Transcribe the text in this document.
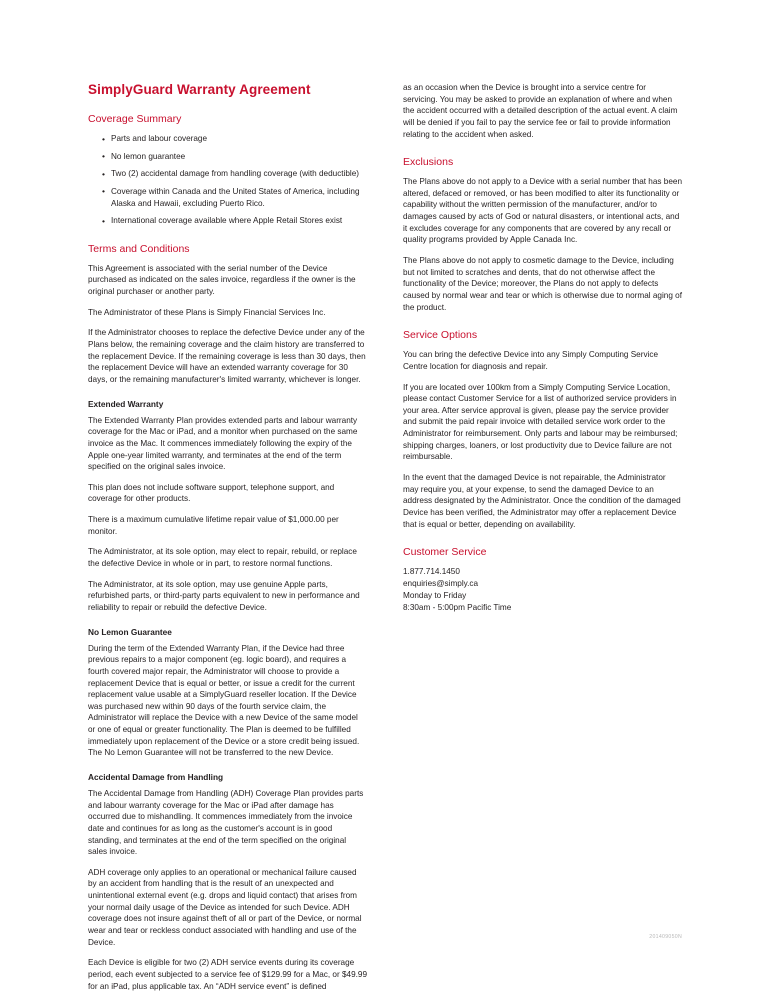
SimplyGuard Warranty Agreement
Coverage Summary
• Parts and labour coverage
• No lemon guarantee
• Two (2) accidental damage from handling coverage (with deductible)
• Coverage within Canada and the United States of America, including Alaska and Hawaii, excluding Puerto Rico.
• International coverage available where Apple Retail Stores exist
Terms and Conditions

This Agreement is associated with the serial number of the Device purchased as indicated on the sales invoice, regardless if the owner is the original purchaser or another party.

The Administrator of these Plans is Simply Financial Services Inc.

If the Administrator chooses to replace the defective Device under any of the Plans below, the remaining coverage and the claim history are transferred to the replacement Device. If the remaining coverage is less than 30 days, then the replacement Device will have an extended warranty coverage for 30 days, or the remaining manufacturer's limited warranty, whichever is longer.

Extended Warranty

The Extended Warranty Plan provides extended parts and labour warranty coverage for the Mac or iPad, and a monitor when purchased on the same invoice as the Mac. It commences immediately following the expiry of the Apple one-year limited warranty, and terminates at the end of the term specified on the original sales invoice.

This plan does not include software support, telephone support, and coverage for other products.

There is a maximum cumulative lifetime repair value of $1,000.00 per monitor.

The Administrator, at its sole option, may elect to repair, rebuild, or replace the defective Device in whole or in part, to restore normal functions.

The Administrator, at its sole option, may use genuine Apple parts, refurbished parts, or third-party parts equivalent to new in performance and reliability to repair or rebuild the defective Device.

No Lemon Guarantee

During the term of the Extended Warranty Plan, if the Device had three previous repairs to a major component (eg. logic board), and requires a fourth covered major repair, the Administrator will choose to provide a replacement Device that is equal or better, or issue a credit for the current replacement value usable at a SimplyGuard reseller location. If the Device was purchased new within 90 days of the fourth service claim, the Administrator will replace the Device with a new Device of the same model or one of equal or greater functionality. The Plan is deemed to be fulfilled immediately upon replacement of the Device or a store credit being issued. The No Lemon Guarantee will not be transferred to the new Device.

Accidental Damage from Handling

The Accidental Damage from Handling (ADH) Coverage Plan provides parts and labour warranty coverage for the Mac or iPad after damage has occurred due to mishandling. It commences immediately from the invoice date and continues for as long as the customer's account is in good standing, and terminates at the end of the term specified on the original sales invoice.

ADH coverage only applies to an operational or mechanical failure caused by an accident from handling that is the result of an unexpected and unintentional external event (e.g. drops and liquid contact) that arises from your normal daily usage of the Device as intended for such Device. ADH coverage does not insure against theft of all or part of the Device, or normal wear and tear or reckless conduct associated with handling and use of the Device.

Each Device is eligible for two (2) ADH service events during its coverage period, each event subjected to a service fee of $129.99 for a Mac, or $49.99 for an iPad, plus applicable tax. An “ADH service event” is defined

as an occasion when the Device is brought into a service centre for servicing. You may be asked to provide an explanation of where and when the accident occurred with a detailed description of the actual event. A claim will be denied if you fail to pay the service fee or fail to provide information relating to the accident when asked.

Exclusions

The Plans above do not apply to a Device with a serial number that has been altered, defaced or removed, or has been modified to alter its functionality or capability without the written permission of the manufacturer, and/or to damages caused by acts of God or natural disasters, or intentional acts, and it excludes coverage for any components that are covered by any recall or quality programs provided by Apple Canada Inc.

The Plans above do not apply to cosmetic damage to the Device, including but not limited to scratches and dents, that do not otherwise affect the functionality of the Device; moreover, the Plans do not apply to defects caused by normal wear and tear or which is otherwise due to normal aging of the product.

Service Options

You can bring the defective Device into any Simply Computing Service Centre location for diagnosis and repair.

If you are located over 100km from a Simply Computing Service Location, please contact Customer Service for a list of authorized service providers in your area. After service approval is given, please pay the service provider and submit the paid repair invoice with detailed service work order to the Administrator for reimbursement. Only parts and labour may be reimbursed; shipping charges, loaners, or lost productivity due to Device failure are not reimbursable.

In the event that the damaged Device is not repairable, the Administrator may require you, at your expense, to send the damaged Device to an address designated by the Administrator. Once the condition of the damaged Device has been verified, the Administrator may offer a replacement Device that is equal or better, depending on availability.

Customer Service

1.877.714.1450

enquiries@simply.ca

Monday to Friday

8:30am - 5:00pm Pacific Time

201409050N
